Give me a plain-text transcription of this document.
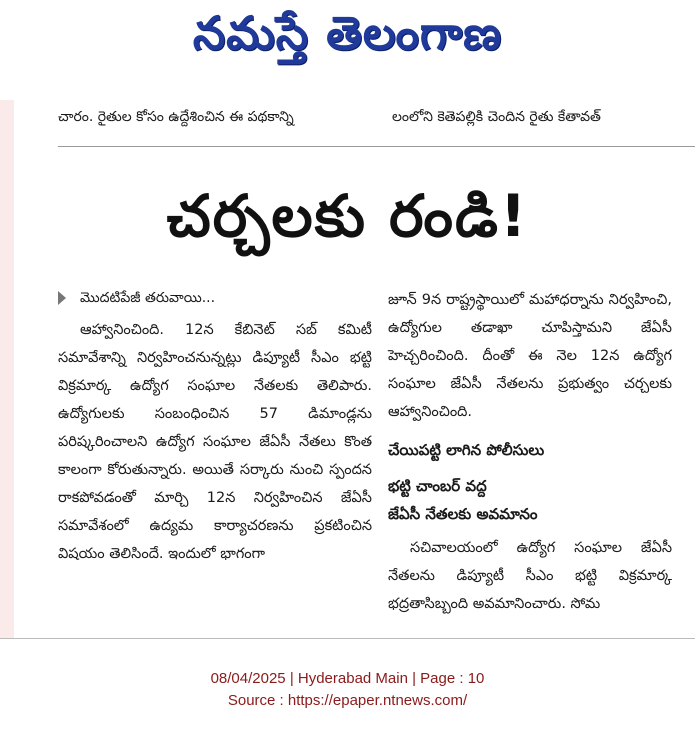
నమస్తే తెలంగాణ
చారం. రైతుల కోసం ఉద్దేశించిన ఈ పథకాన్ని	లంలోని కెతెపల్లికి చెందిన రైతు కేతావత్
చర్చలకు రండి!
మొదటిపేజీ తరువాయి...

ఆహ్వానించింది. 12న కేబినెట్ సబ్ కమిటీ సమావేశాన్ని నిర్వహించనున్నట్లు డిప్యూటీ సీఎం భట్టి విక్రమార్క ఉద్యోగ సంఘాల నేతలకు తెలిపారు. ఉద్యోగులకు సంబంధించిన 57 డిమాండ్లను పరిష్కరించాలని ఉద్యోగ సంఘాల జేఏసీ నేతలు కొంత కాలంగా కోరుతున్నారు. అయితే సర్కారు నుంచి స్పందన రాకపోవడంతో మార్చి 12న నిర్వహించిన జేఏసీ సమావేశంలో ఉద్యమ కార్యాచరణను ప్రకటించిన విషయం తెలిసిందే. ఇందులో భాగంగా

జూన్ 9న రాష్ట్రస్థాయిలో మహాధర్నాను నిర్వహించి, ఉద్యోగుల తడాఖా చూపిస్తామని జేఏసీ హెచ్చరించింది. దీంతో ఈ నెల 12న ఉద్యోగ సంఘాల జేఏసీ నేతలను ప్రభుత్వం చర్చలకు ఆహ్వానించింది.

చేయిపట్టి లాగిన పోలీసులు
భట్టి చాంబర్ వద్ద
జేఏసీ నేతలకు అవమానం

సచివాలయంలో ఉద్యోగ సంఘాల జేఏసీ నేతలను డిప్యూటీ సీఎం భట్టి విక్రమార్క భద్రతాసిబ్బంది అవమానించారు. సోమ

08/04/2025 | Hyderabad Main | Page : 10
Source : https://epaper.ntnews.com/
